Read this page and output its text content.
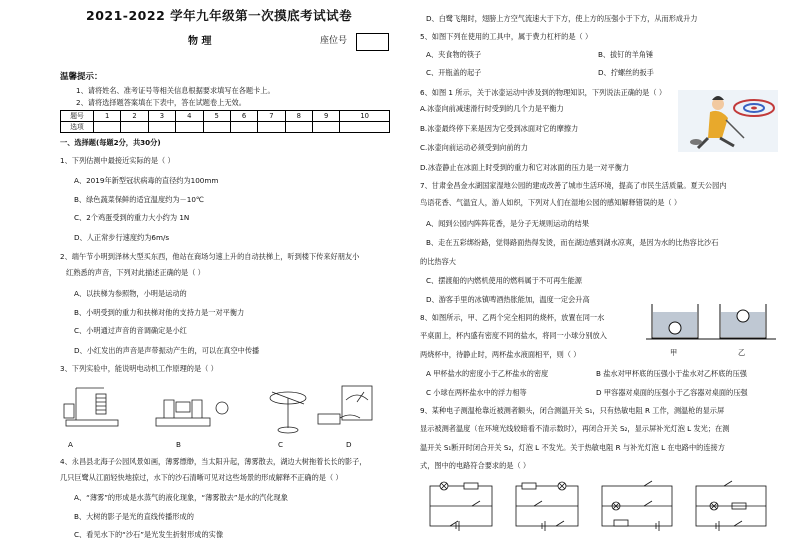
2021-2022 学年九年级第一次摸底考试试卷
物 理	座位号
温馨提示：
1、请将姓名、准考证号等相关信息根据要求填写在各题卡上。
2、请将选择题答案填在下表中，答在试题卷上无效。
题号	1	2	3	4	5	6	7	8	9	10
选项										
一、选择题(每题2分，共30分)
1、下列估测中最接近实际的是（ ）
A、2019年新型冠状病毒的直径约为100mm
B、绿色蔬菜保鲜的适宜温度约为－10℃
C、2个鸡蛋受到的重力大小约为 1N
D、人正常步行速度约为6m/s
2、端午节小明到泽林大型买东西，他站在商场匀速上升的自动扶梯上，听到楼下传来好朋友小
红熟悉的声音，下列对此描述正确的是（ ）
A、以扶梯为参照物，小明是运动的
B、小明受到的重力和扶梯对他的支持力是一对平衡力
C、小明通过声音的音调确定是小红
D、小红发出的声音是声带振动产生的，可以在真空中传播
3、下列实验中，能说明电动机工作原理的是（ ）
A	B	C	D
4、永昌县北海子公园风景如画，薄雾缥缈，当太阳升起，薄雾散去，湖边大树拖着长长的影子，
几只巨鹭从江面轻快地掠过，水下的沙石清晰可见对这些场景的形成解释不正确的是（ ）
A、“薄雾”的形成是水蒸气的液化现象，“薄雾散去”是水的汽化现象
B、大树的影子是光的直线传播形成的
C、看见水下的“沙石”是光发生折射形成的实像
D、白鹭飞翔时，翅膀上方空气流速大于下方，使上方的压强小于下方，从而形成升力
5、如图下列在使用的工具中，属于费力杠杆的是（ ）
A、夹食物的筷子	B、拔钉的羊角锤
C、开瓶盖的起子	D、拧螺丝的扳手
6、如图 1 所示，关于冰壶运动中涉及到的物理知识，下列说法正确的是（ ）
A.冰壶向前减速滑行时受到的几个力是平衡力
B.冰壶最终停下来是因为它受到冰面对它的摩擦力
C.冰壶向前运动必须受到向前的力
D.冰壶静止在冰面上时受到的重力和它对冰面的压力是一对平衡力
7、甘肃金昌金水湖国家湿地公园的建成改善了城市生活环境，提高了市民生活质量。夏天公园内
鸟语花香、气温宜人，游人如织，下列对人们在湿地公园的感知解释错误的是（ ）
A、闻到公园内阵阵花香，是分子无规则运动的结果
B、走在五彩绑纷路，觉得路面热得发烫，而在湖边感到湖水凉爽，是因为水的比热容比沙石
的比热容大
C、摆渡船的内燃机使用的燃料属于不可再生能源
D、游客手里的冰镇啤酒热胀能加，温度一定会升高
8、如图所示，甲、乙两个完全相同的烧杯，放置在同一水
平桌面上，杯内盛有密度不同的盐水，将同一小球分别放入
两烧杯中，待静止时，两杯盐水液面相平，则（ ）	甲	乙
A 甲杯盐水的密度小于乙杯盐水的密度	B 盐水对甲杯底的压强小于盐水对乙杯底的压强
C 小球在两杯盐水中的浮力相等	D 甲容器对桌面的压强小于乙容器对桌面的压强
9、某种电子测温枪靠近被测者额头，闭合测温开关 S₁，只有热敏电阻 R 工作，测温枪的显示屏
显示被测者温度（在环境光线较暗看不清示数时），再闭合开关 S₂，显示屏补光灯泡 L 发光；在测
温开关 S₁断开时闭合开关 S₂，灯泡 L 不发光。关于热敏电阻 R 与补光灯泡 L 在电路中的连接方
式，图中的电路符合要求的是（ ）
